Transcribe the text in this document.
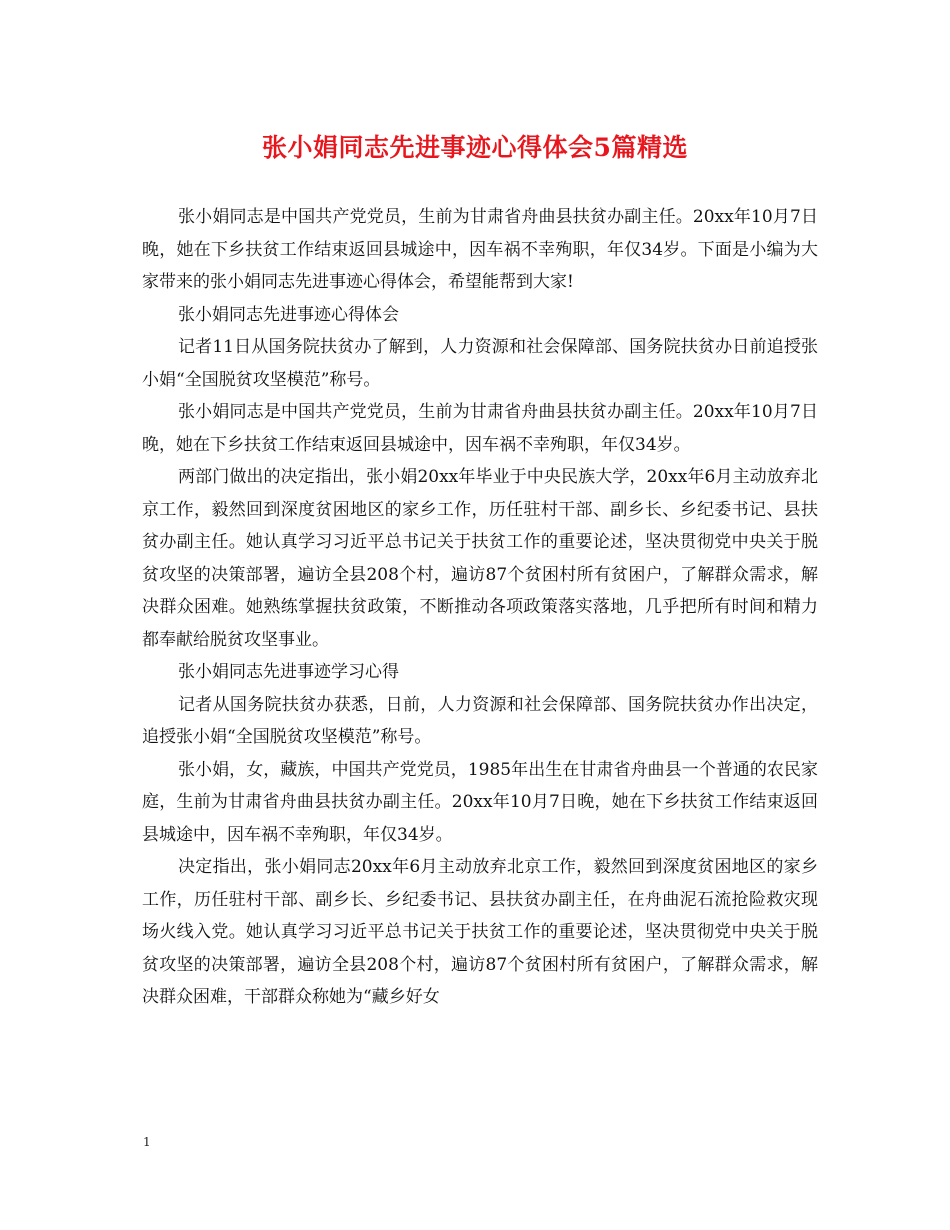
张小娟同志先进事迹心得体会5篇精选

张小娟同志是中国共产党党员，生前为甘肃省舟曲县扶贫办副主任。20xx年10月7日晚，她在下乡扶贫工作结束返回县城途中，因车祸不幸殉职，年仅34岁。下面是小编为大家带来的张小娟同志先进事迹心得体会，希望能帮到大家!

张小娟同志先进事迹心得体会

记者11日从国务院扶贫办了解到，人力资源和社会保障部、国务院扶贫办日前追授张小娟“全国脱贫攻坚模范”称号。

张小娟同志是中国共产党党员，生前为甘肃省舟曲县扶贫办副主任。20xx年10月7日晚，她在下乡扶贫工作结束返回县城途中，因车祸不幸殉职，年仅34岁。

两部门做出的决定指出，张小娟20xx年毕业于中央民族大学，20xx年6月主动放弃北京工作，毅然回到深度贫困地区的家乡工作，历任驻村干部、副乡长、乡纪委书记、县扶贫办副主任。她认真学习习近平总书记关于扶贫工作的重要论述，坚决贯彻党中央关于脱贫攻坚的决策部署，遍访全县208个村，遍访87个贫困村所有贫困户，了解群众需求，解决群众困难。她熟练掌握扶贫政策，不断推动各项政策落实落地，几乎把所有时间和精力都奉献给脱贫攻坚事业。

张小娟同志先进事迹学习心得

记者从国务院扶贫办获悉，日前，人力资源和社会保障部、国务院扶贫办作出决定，追授张小娟“全国脱贫攻坚模范”称号。

张小娟，女，藏族，中国共产党党员，1985年出生在甘肃省舟曲县一个普通的农民家庭，生前为甘肃省舟曲县扶贫办副主任。20xx年10月7日晚，她在下乡扶贫工作结束返回县城途中，因车祸不幸殉职，年仅34岁。

决定指出，张小娟同志20xx年6月主动放弃北京工作，毅然回到深度贫困地区的家乡工作，历任驻村干部、副乡长、乡纪委书记、县扶贫办副主任，在舟曲泥石流抢险救灾现场火线入党。她认真学习习近平总书记关于扶贫工作的重要论述，坚决贯彻党中央关于脱贫攻坚的决策部署，遍访全县208个村，遍访87个贫困村所有贫困户，了解群众需求，解决群众困难，干部群众称她为“藏乡好女

1
